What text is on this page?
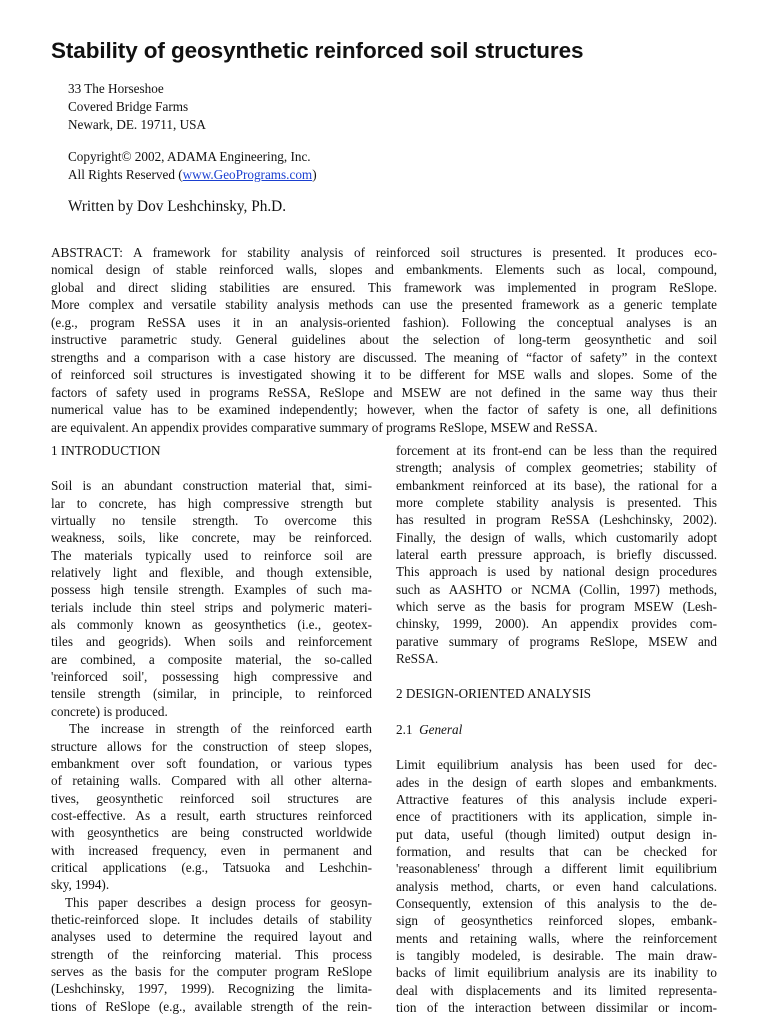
Stability of geosynthetic reinforced soil structures
33 The Horseshoe
Covered Bridge Farms
Newark, DE. 19711, USA
Copyright© 2002, ADAMA Engineering, Inc.
All Rights Reserved (www.GeoPrograms.com)
Written by Dov Leshchinsky, Ph.D.
ABSTRACT: A framework for stability analysis of reinforced soil structures is presented. It produces eco-
nomical design of stable reinforced walls, slopes and embankments. Elements such as local, compound,
global and direct sliding stabilities are ensured. This framework was implemented in program ReSlope.
More complex and versatile stability analysis methods can use the presented framework as a generic template
(e.g., program ReSSA uses it in an analysis-oriented fashion). Following the conceptual analyses is an
instructive parametric study. General guidelines about the selection of long-term geosynthetic and soil
strengths and a comparison with a case history are discussed. The meaning of “factor of safety” in the context
of reinforced soil structures is investigated showing it to be different for MSE walls and slopes. Some of the
factors of safety used in programs ReSSA, ReSlope and MSEW are not defined in the same way thus their
numerical value has to be examined independently; however, when the factor of safety is one, all definitions
are equivalent. An appendix provides comparative summary of programs ReSlope, MSEW and ReSSA.
1 INTRODUCTION
Soil is an abundant construction material that, simi-
lar to concrete, has high compressive strength but
virtually no tensile strength. To overcome this
weakness, soils, like concrete, may be reinforced.
The materials typically used to reinforce soil are
relatively light and flexible, and though extensible,
possess high tensile strength. Examples of such ma-
terials include thin steel strips and polymeric materi-
als commonly known as geosynthetics (i.e., geotex-
tiles and geogrids). When soils and reinforcement
are combined, a composite material, the so-called
'reinforced soil', possessing high compressive and
tensile strength (similar, in principle, to reinforced
concrete) is produced.
The increase in strength of the reinforced earth
structure allows for the construction of steep slopes,
embankment over soft foundation, or various types
of retaining walls. Compared with all other alterna-
tives, geosynthetic reinforced soil structures are
cost-effective. As a result, earth structures reinforced
with geosynthetics are being constructed worldwide
with increased frequency, even in permanent and
critical applications (e.g., Tatsuoka and Leshchin-
sky, 1994).
This paper describes a design process for geosyn-
thetic-reinforced slope. It includes details of stability
analyses used to determine the required layout and
strength of the reinforcing material. This process
serves as the basis for the computer program ReSlope
(Leshchinsky, 1997, 1999). Recognizing the limita-
tions of ReSlope (e.g., available strength of the rein-
forcement at its front-end can be less than the required
strength; analysis of complex geometries; stability of
embankment reinforced at its base), the rational for a
more complete stability analysis is presented. This
has resulted in program ReSSA (Leshchinsky, 2002).
Finally, the design of walls, which customarily adopt
lateral earth pressure approach, is briefly discussed.
This approach is used by national design procedures
such as AASHTO or NCMA (Collin, 1997) methods,
which serve as the basis for program MSEW (Lesh-
chinsky, 1999, 2000). An appendix provides com-
parative summary of programs ReSlope, MSEW and
ReSSA.
2 DESIGN-ORIENTED ANALYSIS
2.1 General
Limit equilibrium analysis has been used for dec-
ades in the design of earth slopes and embankments.
Attractive features of this analysis include experi-
ence of practitioners with its application, simple in-
put data, useful (though limited) output design in-
formation, and results that can be checked for
'reasonableness' through a different limit equilibrium
analysis method, charts, or even hand calculations.
Consequently, extension of this analysis to the de-
sign of geosynthetics reinforced slopes, embank-
ments and retaining walls, where the reinforcement
is tangibly modeled, is desirable. The main draw-
backs of limit equilibrium analysis are its inability to
deal with displacements and its limited representa-
tion of the interaction between dissimilar or incom-
